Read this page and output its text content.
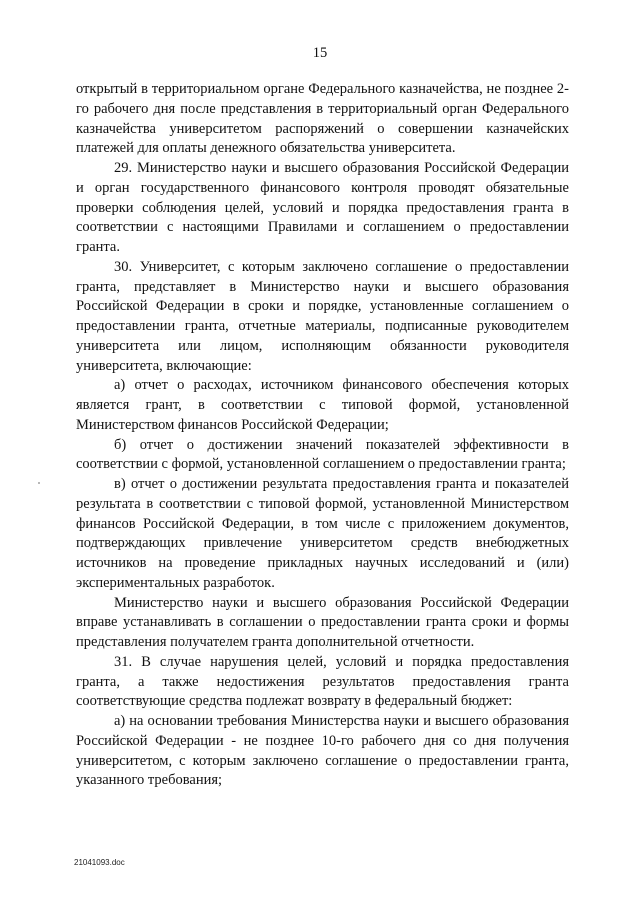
15

открытый в территориальном органе Федерального казначейства, не позднее 2-го рабочего дня после представления в территориальный орган Федерального казначейства университетом распоряжений о совершении казначейских платежей для оплаты денежного обязательства университета.

29. Министерство науки и высшего образования Российской Федерации и орган государственного финансового контроля проводят обязательные проверки соблюдения целей, условий и порядка предоставления гранта в соответствии с настоящими Правилами и соглашением о предоставлении гранта.

30. Университет, с которым заключено соглашение о предоставлении гранта, представляет в Министерство науки и высшего образования Российской Федерации в сроки и порядке, установленные соглашением о предоставлении гранта, отчетные материалы, подписанные руководителем университета или лицом, исполняющим обязанности руководителя университета, включающие:

а) отчет о расходах, источником финансового обеспечения которых является грант, в соответствии с типовой формой, установленной Министерством финансов Российской Федерации;

б) отчет о достижении значений показателей эффективности в соответствии с формой, установленной соглашением о предоставлении гранта;

в) отчет о достижении результата предоставления гранта и показателей результата в соответствии с типовой формой, установленной Министерством финансов Российской Федерации, в том числе с приложением документов, подтверждающих привлечение университетом средств внебюджетных источников на проведение прикладных научных исследований и (или) экспериментальных разработок.

Министерство науки и высшего образования Российской Федерации вправе устанавливать в соглашении о предоставлении гранта сроки и формы представления получателем гранта дополнительной отчетности.

31. В случае нарушения целей, условий и порядка предоставления гранта, а также недостижения результатов предоставления гранта соответствующие средства подлежат возврату в федеральный бюджет:

а) на основании требования Министерства науки и высшего образования Российской Федерации - не позднее 10-го рабочего дня со дня получения университетом, с которым заключено соглашение о предоставлении гранта, указанного требования;

21041093.doc
